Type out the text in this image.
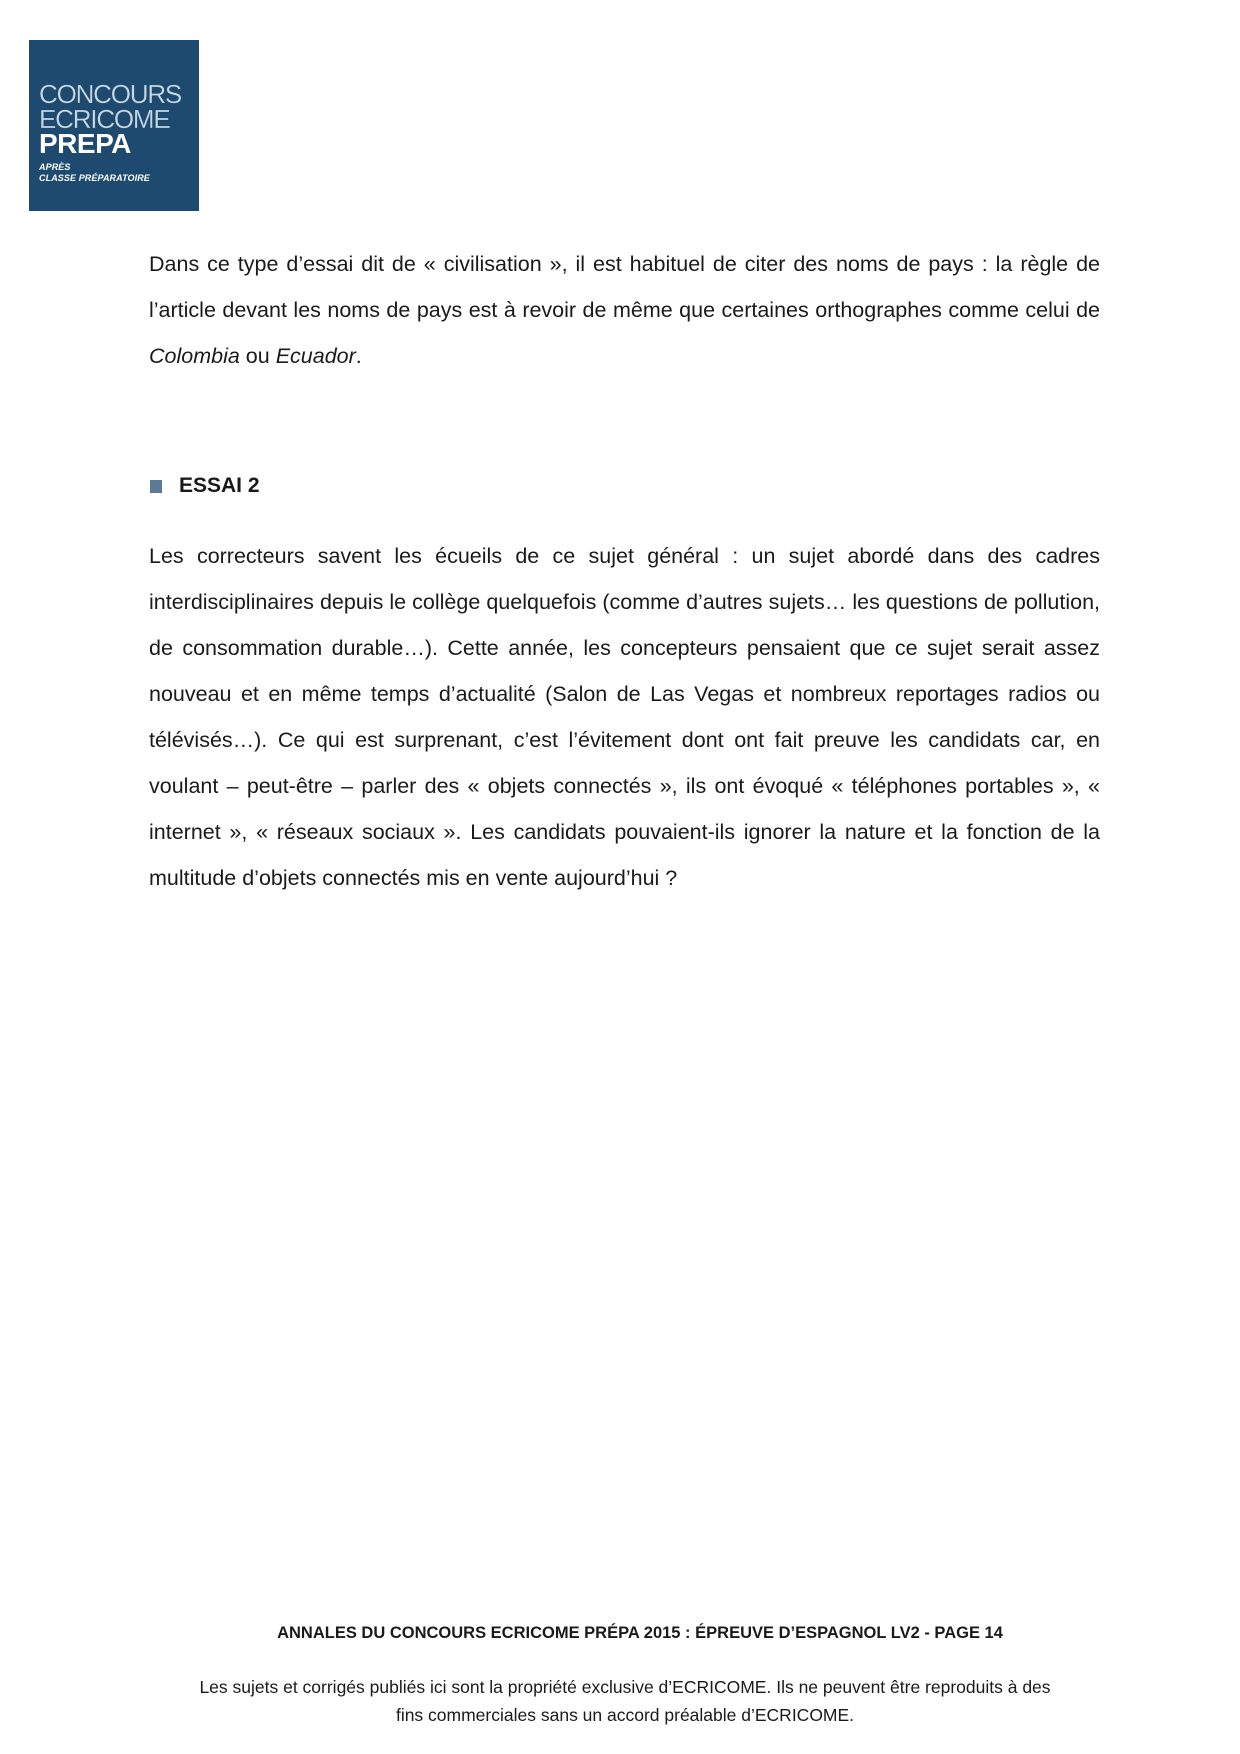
CONCOURS
ECRICOME
PREPA
APRÈS
CLASSE PRÉPARATOIRE

Dans ce type d’essai dit de « civilisation », il est habituel de citer des noms de pays : la règle de l’article devant les noms de pays est à revoir de même que certaines orthographes comme celui de Colombia ou Ecuador.

ESSAI 2

Les correcteurs savent les écueils de ce sujet général : un sujet abordé dans des cadres interdisciplinaires depuis le collège quelquefois (comme d’autres sujets… les questions de pollution, de consommation durable…). Cette année, les concepteurs pensaient que ce sujet serait assez nouveau et en même temps d’actualité (Salon de Las Vegas et nombreux reportages radios ou télévisés…). Ce qui est surprenant, c’est l’évitement dont ont fait preuve les candidats car, en voulant – peut-être – parler des « objets connectés », ils ont évoqué « téléphones portables », « internet », « réseaux sociaux ». Les candidats pouvaient-ils ignorer la nature et la fonction de la multitude d’objets connectés mis en vente aujourd’hui ?

ANNALES DU CONCOURS ECRICOME PRÉPA 2015 : ÉPREUVE D’ESPAGNOL LV2 - PAGE 14
Les sujets et corrigés publiés ici sont la propriété exclusive d’ECRICOME. Ils ne peuvent être reproduits à des
fins commerciales sans un accord préalable d’ECRICOME.
